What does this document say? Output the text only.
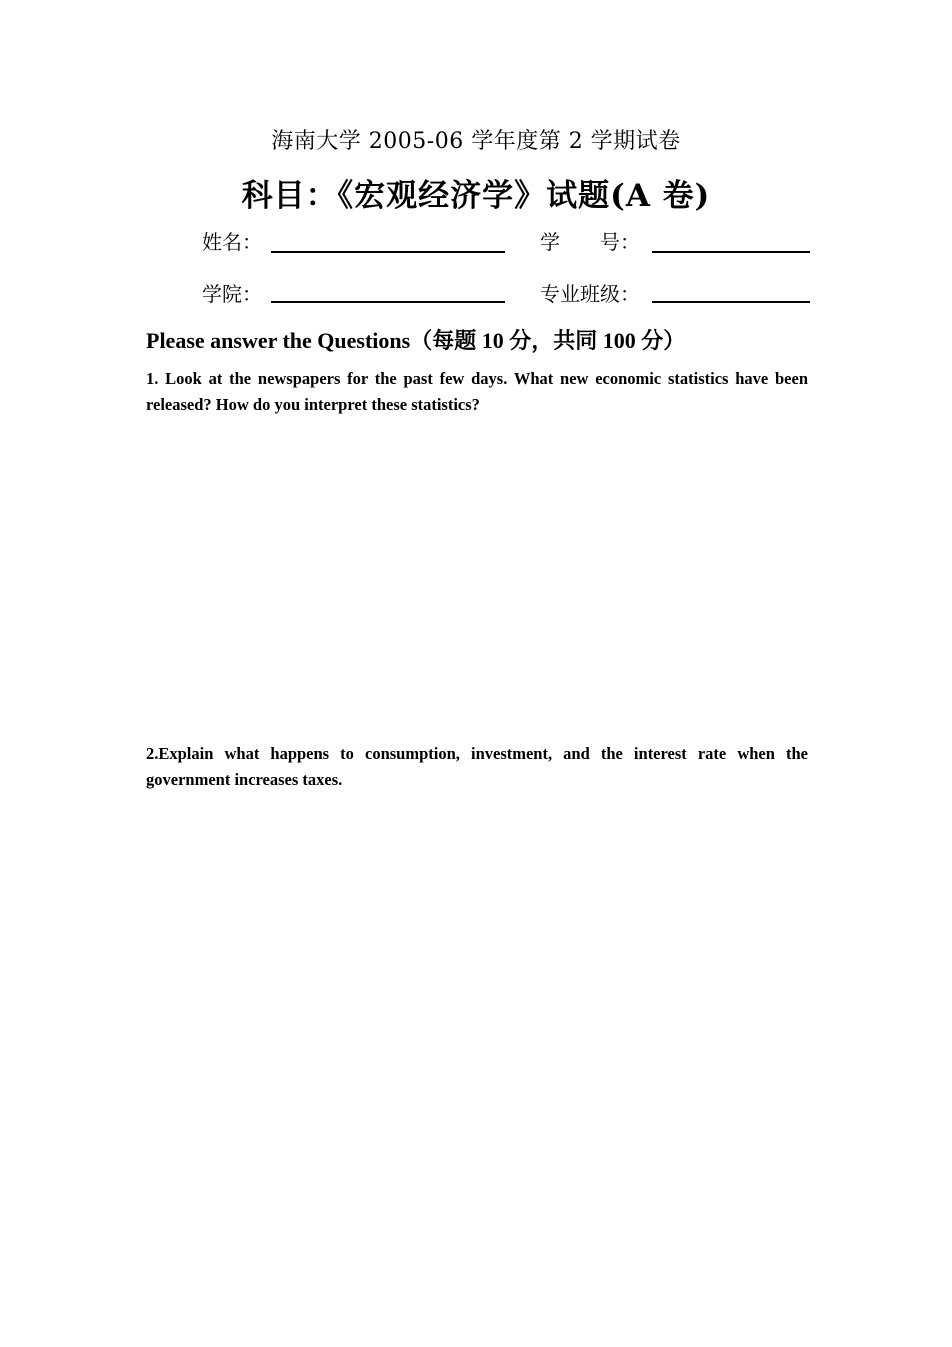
海南大学 2005-06 学年度第 2 学期试卷
科目：《宏观经济学》试题(A 卷)
姓名：	学　　号：
学院：	专业班级：
Please answer the Questions（每题 10 分，共同 100 分）
1. Look at the newspapers for the past few days. What new economic statistics have been released? How do you interpret these statistics?
2.Explain what happens to consumption, investment, and the interest rate when the government increases taxes.
